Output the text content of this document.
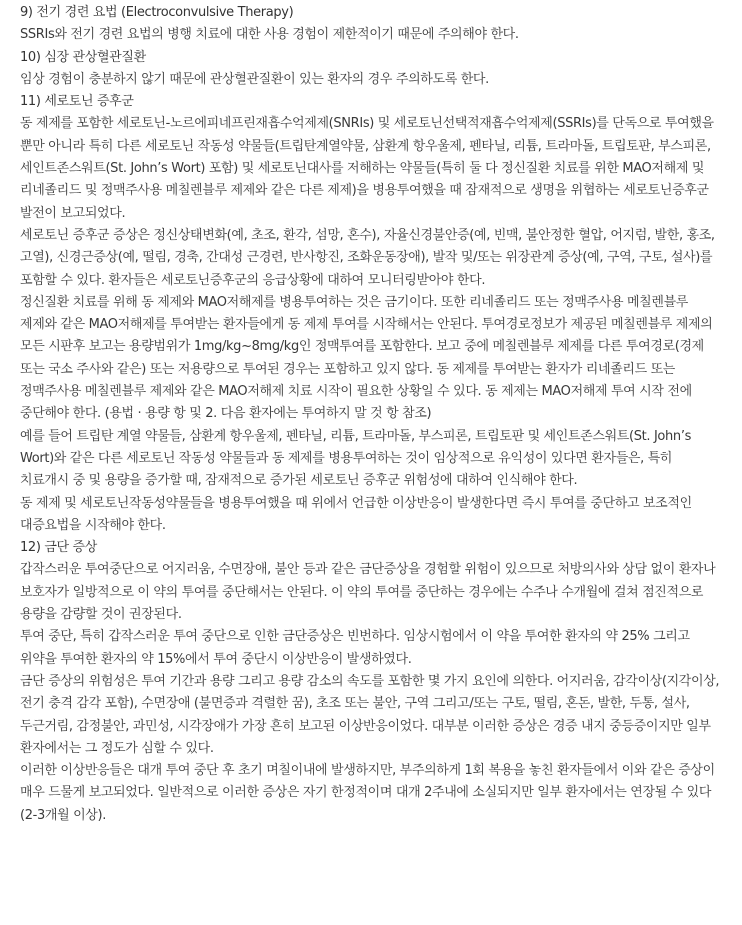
9) 전기 경련 요법 (Electroconvulsive Therapy)

SSRIs와 전기 경련 요법의 병행 치료에 대한 사용 경험이 제한적이기 때문에 주의해야 한다.

10) 심장 관상혈관질환

임상 경험이 충분하지 않기 때문에 관상혈관질환이 있는 환자의 경우 주의하도록 한다.

11) 세로토닌 증후군

동 제제를 포함한 세로토닌-노르에피네프린재흡수억제제(SNRIs) 및 세로토닌선택적재흡수억제제(SSRIs)를 단독으로 투여했을 뿐만 아니라 특히 다른 세로토닌 작동성 약물들(트립탄계열약물, 삼환계 항우울제, 펜타닐, 리튬, 트라마돌, 트립토판, 부스피론, 세인트존스워트(St. John’s Wort) 포함) 및 세로토닌대사를 저해하는 약물들(특히 둘 다 정신질환 치료를 위한 MAO저해제 및 리네졸리드 및 정맥주사용 메칠렌블루 제제와 같은 다른 제제)을 병용투여했을 때 잠재적으로 생명을 위협하는 세로토닌증후군 발전이 보고되었다.

세로토닌 증후군 증상은 정신상태변화(예, 초조, 환각, 섬망, 혼수), 자율신경불안증(예, 빈맥, 불안정한 혈압, 어지럼, 발한, 홍조, 고열), 신경근증상(예, 떨림, 경축, 간대성 근경련, 반사항진, 조화운동장애), 발작 및/또는 위장관계 증상(예, 구역, 구토, 설사)를 포함할 수 있다. 환자들은 세로토닌증후군의 응급상황에 대하여 모니터링받아야 한다.

정신질환 치료를 위해 동 제제와 MAO저해제를 병용투여하는 것은 금기이다. 또한 리네졸리드 또는 정맥주사용 메칠렌블루 제제와 같은 MAO저해제를 투여받는 환자들에게 동 제제 투여를 시작해서는 안된다. 투여경로정보가 제공된 메칠렌블루 제제의 모든 시판후 보고는 용량범위가 1mg/kg~8mg/kg인 정맥투여를 포함한다. 보고 중에 메칠렌블루 제제를 다른 투여경로(경제 또는 국소 주사와 같은) 또는 저용량으로 투여된 경우는 포함하고 있지 않다. 동 제제를 투여받는 환자가 리네졸리드 또는 정맥주사용 메칠렌블루 제제와 같은 MAO저해제 치료 시작이 필요한 상황일 수 있다. 동 제제는 MAO저해제 투여 시작 전에 중단해야 한다. (용법 · 용량 항 및 2. 다음 환자에는 투여하지 말 것 항 참조)

예를 들어 트립탄 계열 약물들, 삼환계 항우울제, 펜타닐, 리튬, 트라마돌, 부스피론, 트립토판 및 세인트존스워트(St. John’s Wort)와 같은 다른 세로토닌 작동성 약물들과 동 제제를 병용투여하는 것이 임상적으로 유익성이 있다면 환자들은, 특히 치료개시 중 및 용량을 증가할 때, 잠재적으로 증가된 세로토닌 증후군 위험성에 대하여 인식해야 한다.

동 제제 및 세로토닌작동성약물들을 병용투여했을 때 위에서 언급한 이상반응이 발생한다면 즉시 투여를 중단하고 보조적인 대증요법을 시작해야 한다.

12) 금단 증상

갑작스러운 투여중단으로 어지러움, 수면장애, 불안 등과 같은 금단증상을 경험할 위험이 있으므로 처방의사와 상담 없이 환자나 보호자가 일방적으로 이 약의 투여를 중단해서는 안된다. 이 약의 투여를 중단하는 경우에는 수주나 수개월에 걸쳐 점진적으로 용량을 감량할 것이 권장된다.

투여 중단, 특히 갑작스러운 투여 중단으로 인한 금단증상은 빈번하다. 임상시험에서 이 약을 투여한 환자의 약 25% 그리고 위약을 투여한 환자의 약 15%에서 투여 중단시 이상반응이 발생하였다.

금단 증상의 위험성은 투여 기간과 용량 그리고 용량 감소의 속도를 포함한 몇 가지 요인에 의한다. 어지러움, 감각이상(지각이상, 전기 충격 감각 포함), 수면장애 (불면증과 격렬한 꿈), 초조 또는 불안, 구역 그리고/또는 구토, 떨림, 혼돈, 발한, 두통, 설사, 두근거림, 감정불안, 과민성, 시각장애가 가장 흔히 보고된 이상반응이었다. 대부분 이러한 증상은 경증 내지 중등증이지만 일부 환자에서는 그 정도가 심할 수 있다.

이러한 이상반응들은 대개 투여 중단 후 초기 며칠이내에 발생하지만, 부주의하게 1회 복용을 놓친 환자들에서 이와 같은 증상이 매우 드물게 보고되었다. 일반적으로 이러한 증상은 자기 한정적이며 대개 2주내에 소실되지만 일부 환자에서는 연장될 수 있다 (2-3개월 이상).
